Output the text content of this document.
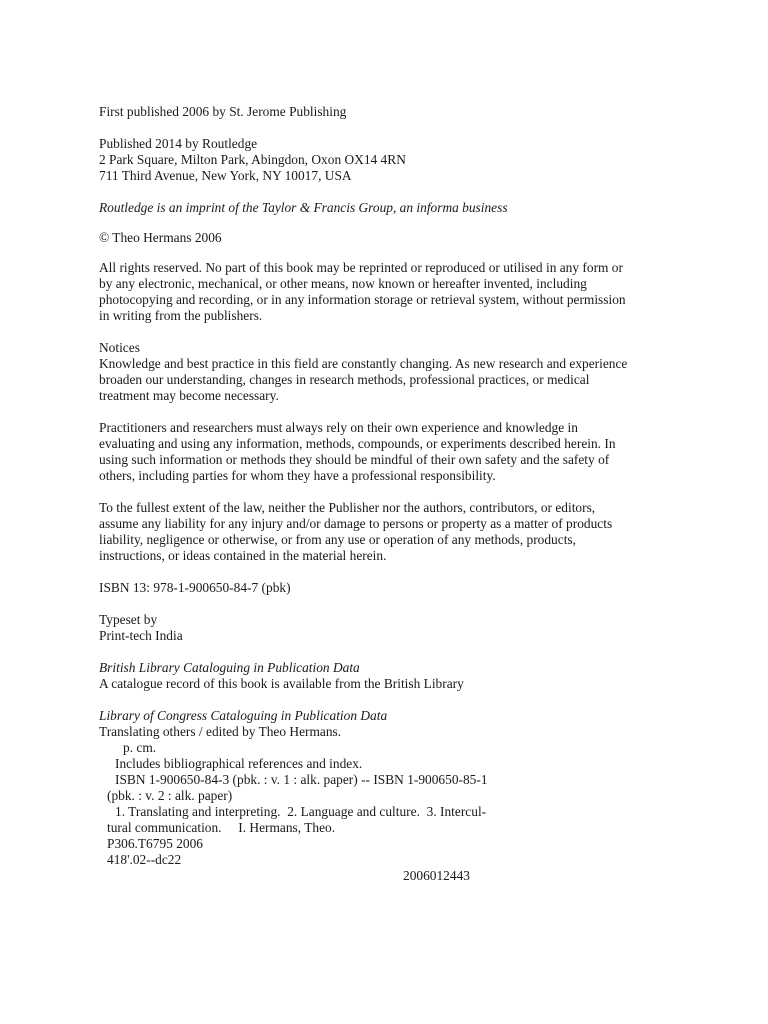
First published 2006 by St. Jerome Publishing

Published 2014 by Routledge
2 Park Square, Milton Park, Abingdon, Oxon OX14 4RN
711 Third Avenue, New York, NY 10017, USA

Routledge is an imprint of the Taylor & Francis Group, an informa business

© Theo Hermans 2006

All rights reserved. No part of this book may be reprinted or reproduced or utilised in any form or
by any electronic, mechanical, or other means, now known or hereafter invented, including
photocopying and recording, or in any information storage or retrieval system, without permission
in writing from the publishers.
Notices
Knowledge and best practice in this field are constantly changing. As new research and experience
broaden our understanding, changes in research methods, professional practices, or medical
treatment may become necessary.
Practitioners and researchers must always rely on their own experience and knowledge in
evaluating and using any information, methods, compounds, or experiments described herein. In
using such information or methods they should be mindful of their own safety and the safety of
others, including parties for whom they have a professional responsibility.
To the fullest extent of the law, neither the Publisher nor the authors, contributors, or editors,
assume any liability for any injury and/or damage to persons or property as a matter of products
liability, negligence or otherwise, or from any use or operation of any methods, products,
instructions, or ideas contained in the material herein.

ISBN 13: 978-1-900650-84-7 (pbk)

Typeset by
Print-tech India
British Library Cataloguing in Publication Data
A catalogue record of this book is available from the British Library
Library of Congress Cataloguing in Publication Data
Translating others / edited by Theo Hermans.
p. cm.
Includes bibliographical references and index.
ISBN 1-900650-84-3 (pbk. : v. 1 : alk. paper) -- ISBN 1-900650-85-1
(pbk. : v. 2 : alk. paper)
1. Translating and interpreting.  2. Language and culture.  3. Intercul-
tural communication.     I. Hermans, Theo.
P306.T6795 2006
418'.02--dc22
2006012443
